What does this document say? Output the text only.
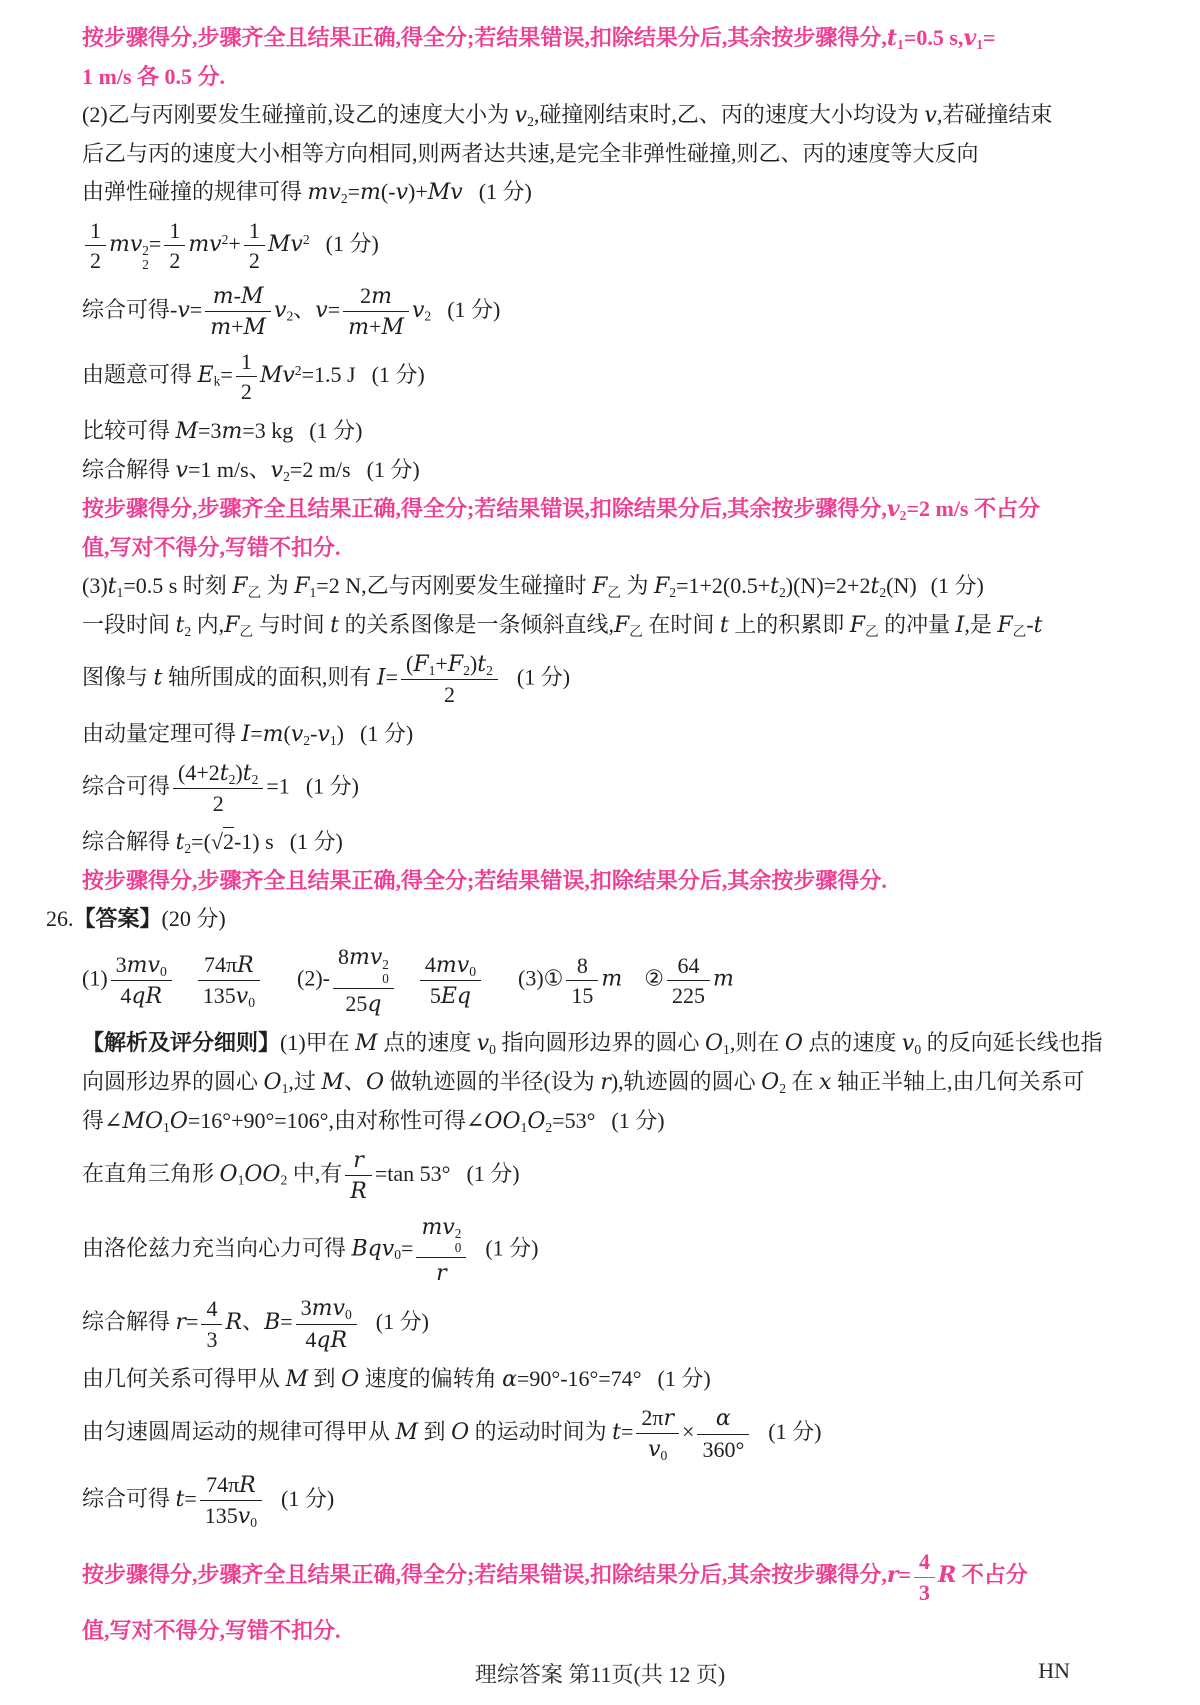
按步骤得分,步骤齐全且结果正确,得全分;若结果错误,扣除结果分后,其余按步骤得分$,t_1=0.5$ $s,v_1=$
1 m/s 各 0.5 分.
(2)乙与丙刚要发生碰撞前,设乙的速度大小为 $v_2$,碰撞刚结束时,乙、丙的速度大小均设为 v,若碰撞结束
后乙与丙的速度大小相等方向相同,则两者达共速,是完全非弹性碰撞,则乙、丙的速度等大反向
由弹性碰撞的规律可得 $mv_2=m(-v)+Mv$ (1 分)
$\frac{1}{2}$ mv 2
2
= $\frac{1}{2} mv^2+ \frac{1}{2} Mv^2$ (1 分)
综合可得$-v= \frac{m-M}{m+M} v_2$、$v= \frac{2m}{m+M} v_2$ (1 分)
由题意可得 $E_k= \frac{1}{2} Mv^2=1.5$ J (1 分)
比较可得 M=3m=3 kg (1 分)
综合解得 v=1 m/s、$v_2=2$ m/s (1 分)
按步骤得分,步骤齐全且结果正确,得全分;若结果错误,扣除结果分后,其余按步骤得分$,v_2=2$ m/s 不占分
值,写对不得分,写错不扣分.
$(3)t_1=0.5$ s 时刻 $F_乙$ 为 $F_1=2$ N,乙与丙刚要发生碰撞时 $F_乙$ 为 $F_2=1+2(0.5+t_2)(N)=2+2t_2(N)$ (1 分)
一段时间 $t_2$ 内$,F_乙$ 与时间 t 的关系图像是一条倾斜直线$,F_乙$ 在时间 t 上的积累即 $F_乙$ 的冲量 I,是 $F_乙-t$
图像与 t 轴所围成的面积,则有 $I= \frac{(F_1+F_2)t_2}{2} (1$ 分)
由动量定理可得 $I=m(v_2-v_1)$ (1 分)
综合可得 $\frac{(4+2t_2)t_2}{2} =1$ (1 分)
综合解得 $t_2=(√2-1)$ s (1 分)
按步骤得分,步骤齐全且结果正确,得全分;若结果错误,扣除结果分后,其余按步骤得分.
26.【答案】(20 分)
$(1) \frac{3mv_0}{4qR} \frac{74\pi R}{135v_0} (2)-$ 8mv 2
0
$25q \frac{4mv_0}{5Eq}$ (3)① $\frac{8}{15}$ m ② $\frac{64}{225}$ m
【解析及评分细则】(1)甲在 M 点的速度 $v_0$ 指向圆形边界的圆心 $O_1$,则在 O 点的速度 $v_0$ 的反向延长线也指
向圆形边界的圆心 $O_1$,过 M、O 做轨迹圆的半径(设为 r),轨迹圆的圆心 $O_2$ 在 x 轴正半轴上,由几何关系可
得$\angle MO_1O=16^\circ+90^\circ=106^\circ$,由对称性可得$\angle OO_1O_2=53^\circ$ (1 分)
在直角三角形 $O_1OO_2$ 中,有 $\frac{r}{R} =\tan$ 53° (1 分)
由洛伦兹力充当向心力可得 Bqv$_0$= mv 2
0
r (1 分)
综合解得 $r= \frac{4}{3}$ R、$B= \frac{3mv_0}{4qR} (1$ 分)
由几何关系可得甲从 M 到 O 速度的偏转角 α=90°-16°=74° (1 分)
由匀速圆周运动的规律可得甲从 M 到 O 的运动时间为 $t= \frac{2\pi r}{v_0} \times \frac{\alpha}{360^\circ} (1$ 分)
综合可得 $t= \frac{74\pi R}{135v_0} (1$ 分)
按步骤得分,步骤齐全且结果正确,得全分;若结果错误,扣除结果分后,其余按步骤得分$,r= \frac{4}{3}$ R 不占分
值,写对不得分,写错不扣分.
理综答案 第11页(共 12 页)	HN
